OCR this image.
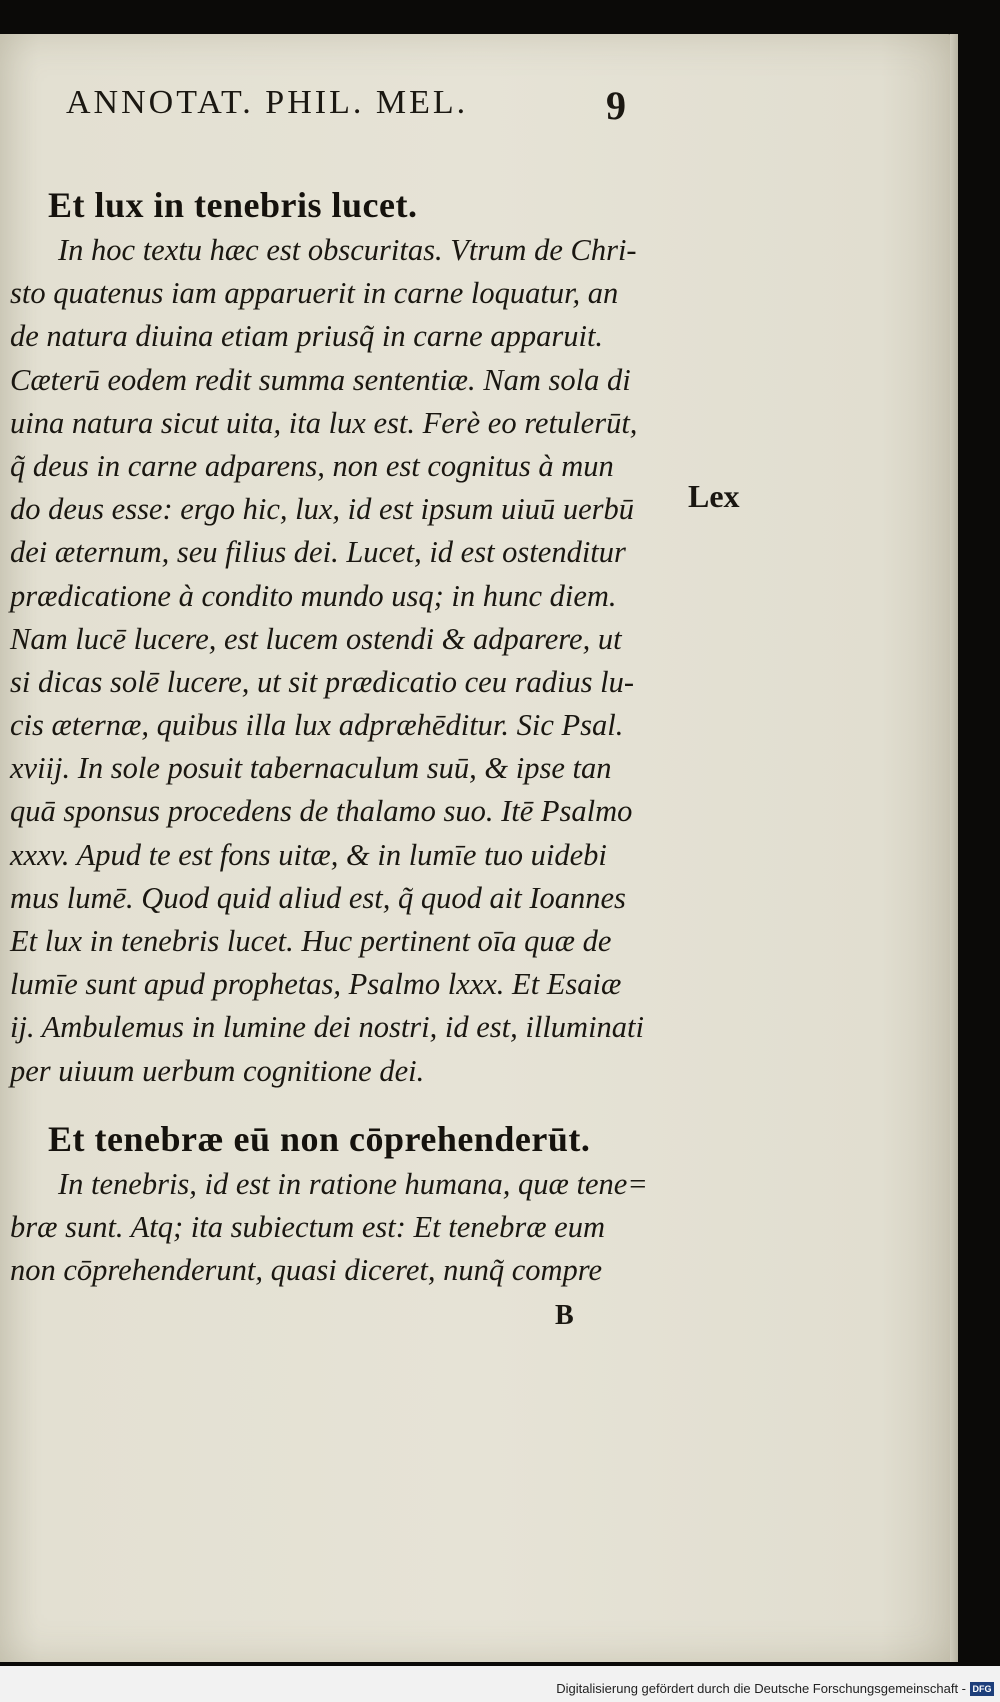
ANNOTAT. PHIL. MEL.	9
Et lux in tenebris lucet.
In hoc textu hæc est obscuritas. Vtrum de Chri-
sto quatenus iam apparuerit in carne loquatur, an
de natura diuina etiam priusq̃ in carne apparuit.
Cæterū eodem redit summa sententiæ. Nam sola di
uina natura sicut uita, ita lux est. Ferè eo retulerūt,
q̃ deus in carne adparens, non est cognitus à mun
do deus esse: ergo hic, lux, id est ipsum uiuū uerbū
dei æternum, seu filius dei. Lucet, id est ostenditur
prædicatione à condito mundo usq; in hunc diem.
Nam lucē lucere, est lucem ostendi & adparere, ut
si dicas solē lucere, ut sit prædicatio ceu radius lu-
cis æternæ, quibus illa lux adpræhēditur. Sic Psal.
xviij. In sole posuit tabernaculum suū, & ipse tan
quā sponsus procedens de thalamo suo. Itē Psalmo
xxxv. Apud te est fons uitæ, & in lumīe tuo uidebi
mus lumē. Quod quid aliud est, q̃ quod ait Ioannes
Et lux in tenebris lucet. Huc pertinent oīa quæ de
lumīe sunt apud prophetas, Psalmo lxxx. Et Esaiæ
ij. Ambulemus in lumine dei nostri, id est, illuminati
per uiuum uerbum cognitione dei.
Lex
Et tenebræ eū non cōprehenderūt.
In tenebris, id est in ratione humana, quæ tene=
bræ sunt. Atq; ita subiectum est: Et tenebræ eum
non cōprehenderunt, quasi diceret, nunq̃ compre
B
Digitalisierung gefördert durch die Deutsche Forschungsgemeinschaft - DFG
